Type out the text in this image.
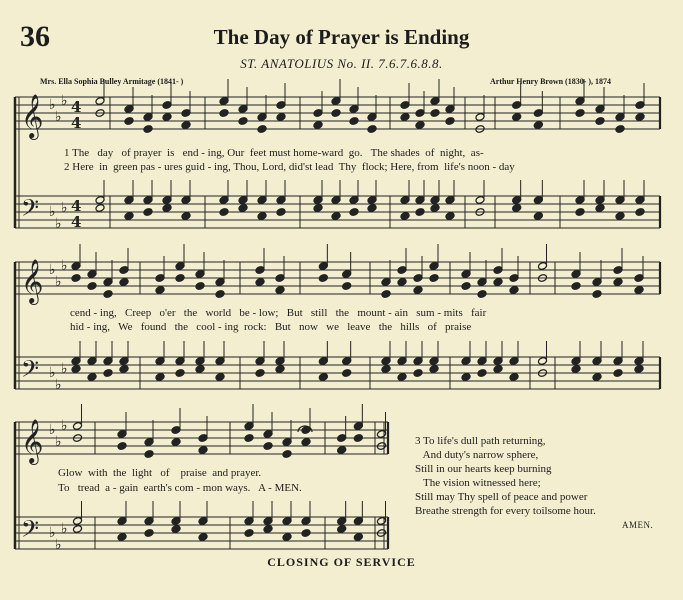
36	The Day of Prayer is Ending
ST. ANATOLIUS No. II. 7.6.7.6.8.8.
Mrs. Ella Sophia Bulley Armitage (1841- )	Arthur Henry Brown (1830- ), 1874
𝄞
𝄢
♭
♭
♭
♭
♭
♭
4
4
4
4
𝄞
𝄢
♭
♭
♭
♭
♭
♭
𝄞
𝄢
♭
♭
♭
♭
♭
♭
1 The   day   of prayer  is   end - ing, Our  feet must home-ward  go.   The shades  of  night,  as-
2 Here  in  green pas - ures guid - ing, Thou, Lord, did'st lead  Thy  flock; Here, from  life's noon - day
cend - ing,   Creep   o'er   the   world   be - low;   But   still   the   mount - ain   sum - mits   fair
hid - ing,   We   found   the   cool - ing  rock:   But   now   we   leave   the   hills   of   praise
Glow  with  the  light   of    praise  and prayer.
To   tread  a - gain  earth's com - mon ways.   A - MEN.
3 To life's dull path returning,
And duty's narrow sphere,
Still in our hearts keep burning
The vision witnessed here;
Still may Thy spell of peace and power
Breathe strength for every toilsome hour.
AMEN.
CLOSING OF SERVICE
